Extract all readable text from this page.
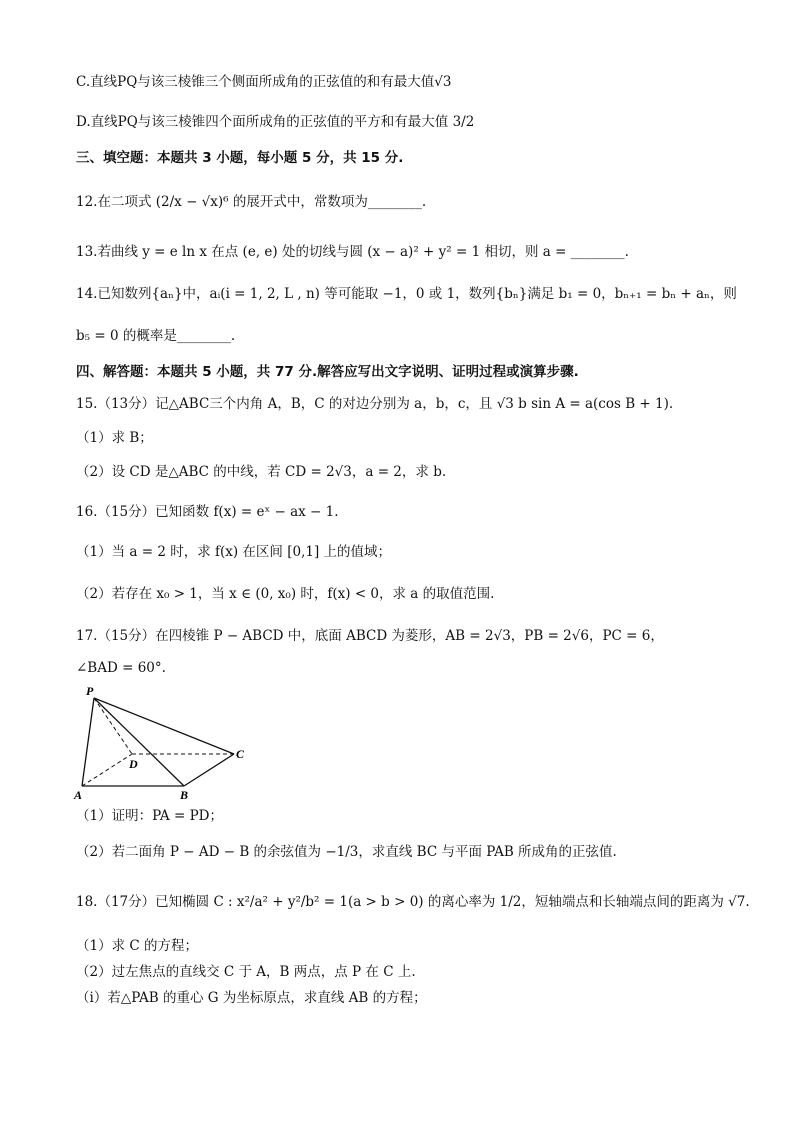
C.直线PQ与该三棱锥三个侧面所成角的正弦值的和有最大值√3
D.直线PQ与该三棱锥四个面所成角的正弦值的平方和有最大值 3/2
三、填空题：本题共 3 小题，每小题 5 分，共 15 分.
12.在二项式 (2/x − √x)⁶ 的展开式中，常数项为________.
13.若曲线 y = e ln x 在点 (e, e) 处的切线与圆 (x − a)² + y² = 1 相切，则 a = ________.
14.已知数列{aₙ}中，aᵢ(i = 1, 2, L , n) 等可能取 −1，0 或 1，数列{bₙ}满足 b₁ = 0，bₙ₊₁ = bₙ + aₙ，则
b₅ = 0 的概率是________.
四、解答题：本题共 5 小题，共 77 分.解答应写出文字说明、证明过程或演算步骤.
15.（13分）记△ABC三个内角 A，B，C 的对边分别为 a，b，c，且 √3 b sin A = a(cos B + 1).
（1）求 B；
（2）设 CD 是△ABC 的中线，若 CD = 2√3，a = 2，求 b.
16.（15分）已知函数 f(x) = eˣ − ax − 1.
（1）当 a = 2 时，求 f(x) 在区间 [0,1] 上的值域；
（2）若存在 x₀ > 1，当 x ∈ (0, x₀) 时，f(x) < 0，求 a 的取值范围.
17.（15分）在四棱锥 P − ABCD 中，底面 ABCD 为菱形，AB = 2√3，PB = 2√6，PC = 6，
∠BAD = 60°.
P
D
C
A	B
（1）证明：PA = PD；
（2）若二面角 P − AD − B 的余弦值为 −1/3，求直线 BC 与平面 PAB 所成角的正弦值.
18.（17分）已知椭圆 C : x²/a² + y²/b² = 1(a > b > 0) 的离心率为 1/2，短轴端点和长轴端点间的距离为 √7.
（1）求 C 的方程；
（2）过左焦点的直线交 C 于 A，B 两点，点 P 在 C 上.
（i）若△PAB 的重心 G 为坐标原点，求直线 AB 的方程；
